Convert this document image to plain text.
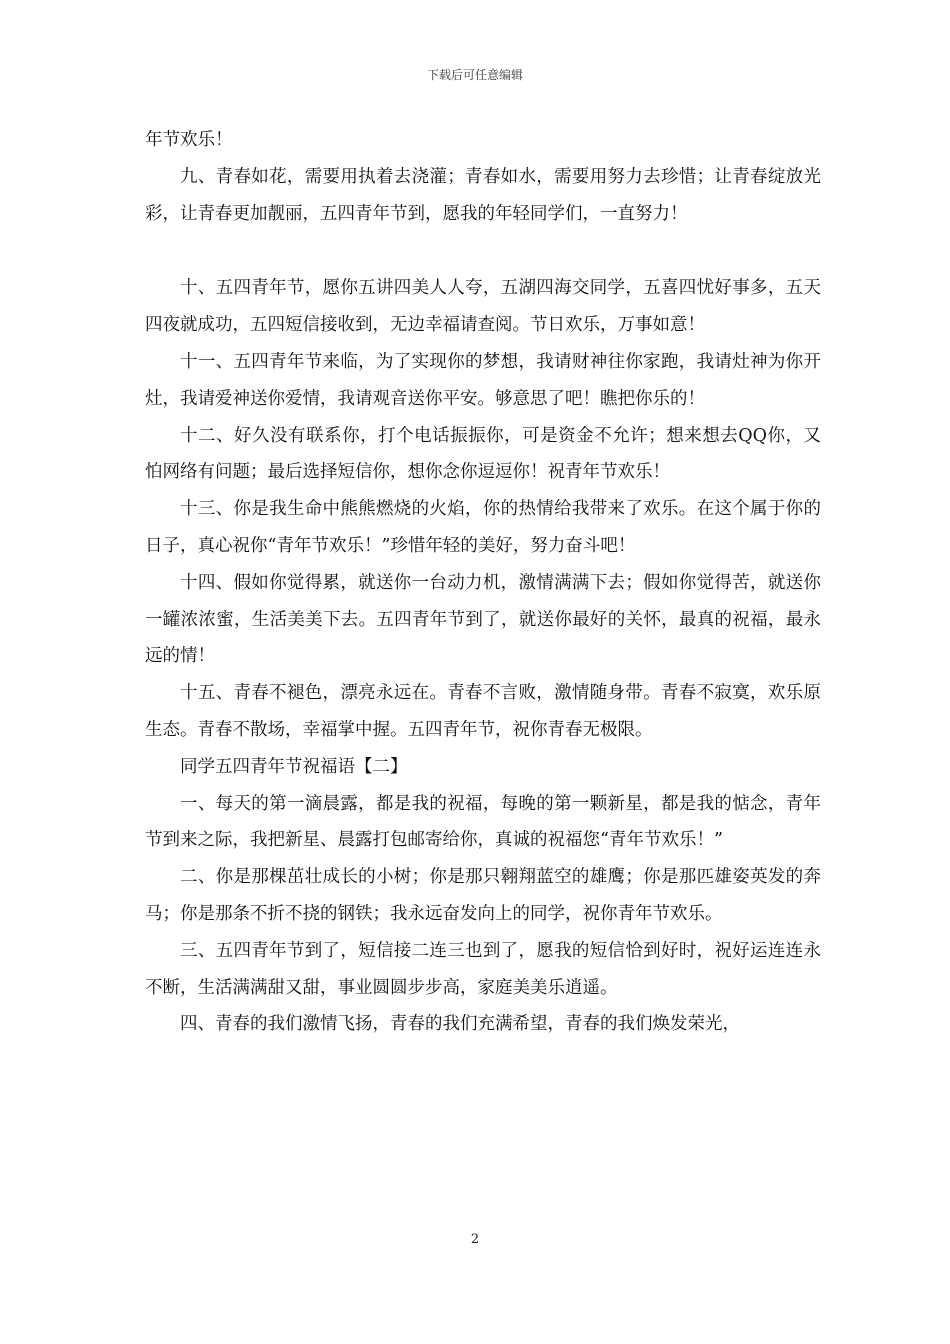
下载后可任意编辑

年节欢乐！

九、青春如花，需要用执着去浇灌；青春如水，需要用努力去珍惜；让青春绽放光彩，让青春更加靓丽，五四青年节到，愿我的年轻同学们，一直努力！

十、五四青年节，愿你五讲四美人人夸，五湖四海交同学，五喜四忧好事多，五天四夜就成功，五四短信接收到，无边幸福请查阅。节日欢乐，万事如意！

十一、五四青年节来临，为了实现你的梦想，我请财神往你家跑，我请灶神为你开灶，我请爱神送你爱情，我请观音送你平安。够意思了吧！瞧把你乐的！

十二、好久没有联系你，打个电话振振你，可是资金不允许；想来想去QQ你，又怕网络有问题；最后选择短信你，想你念你逗逗你！祝青年节欢乐！

十三、你是我生命中熊熊燃烧的火焰，你的热情给我带来了欢乐。在这个属于你的日子，真心祝你“青年节欢乐！”珍惜年轻的美好，努力奋斗吧！

十四、假如你觉得累，就送你一台动力机，激情满满下去；假如你觉得苦，就送你一罐浓浓蜜，生活美美下去。五四青年节到了，就送你最好的关怀，最真的祝福，最永远的情！

十五、青春不褪色，漂亮永远在。青春不言败，激情随身带。青春不寂寞，欢乐原生态。青春不散场，幸福掌中握。五四青年节，祝你青春无极限。

同学五四青年节祝福语【二】

一、每天的第一滴晨露，都是我的祝福，每晚的第一颗新星，都是我的惦念，青年节到来之际，我把新星、晨露打包邮寄给你，真诚的祝福您“青年节欢乐！”

二、你是那棵茁壮成长的小树；你是那只翱翔蓝空的雄鹰；你是那匹雄姿英发的奔马；你是那条不折不挠的钢铁；我永远奋发向上的同学，祝你青年节欢乐。

三、五四青年节到了，短信接二连三也到了，愿我的短信恰到好时，祝好运连连永不断，生活满满甜又甜，事业圆圆步步高，家庭美美乐逍遥。

四、青春的我们激情飞扬，青春的我们充满希望，青春的我们焕发荣光，

2
